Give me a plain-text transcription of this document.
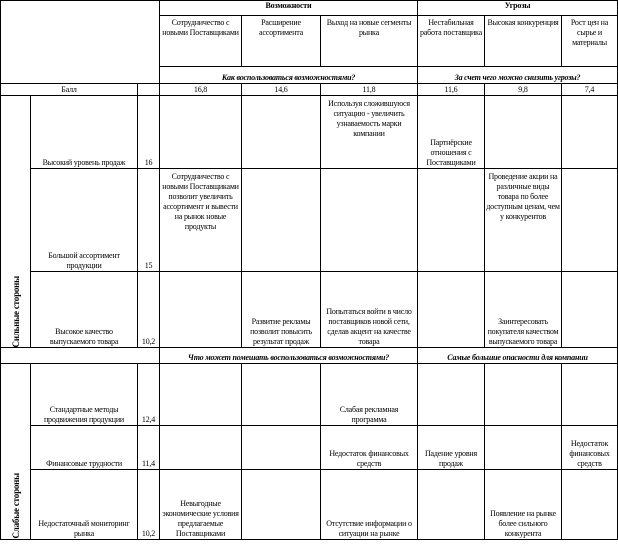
			Возможности			Угрозы		
			Сотрудничество с новыми Поставщиками	Расширение ассортимента	Выход на новые сегменты рынка	Нестабильная работа поставщика	Высокая конкуренция	Рост цен на сырье и материалы
			Как воспользоваться возможностями?			За счет чего можно снизить угрозы?		
Балл			16,8	14,6	11,8	11,6	9,8	7,4

Сильные стороны	Высокий уровень продаж	16			Используя сложившуюся ситуацию - увеличить узнаваемость марки компании	Партнёрские отношения с Поставщиками		
	Большой ассортимент продукции	15	Сотрудничество с новыми Поставщиками позволит увеличить ассортимент и вывести на рынок новые продукты				Проведение акции на различные виды товара по более доступным ценам, чем у конкурентов	
	Высокое качество выпускаемого товара	10,2		Развитие рекламы позволит повысить результат продаж	Попытаться войти в число поставщиков новой сети, сделав акцент на качестве товара		Заинтересовать покупателя качеством выпускаемого товара	
			Что может помешать воспользоваться возможностями?			Самые большие опасности для компании		

Слабые стороны	Стандартные методы продвижения продукции	12,4			Слабая рекламная программа			
	Финансовые трудности	11,4			Недостаток финансовых средств	Падение уровня продаж		Недостаток финансовых средств
	Недостаточный мониторинг рынка	10,2	Невыгодные экономические условия предлагаемые Поставщиками		Отсутствие информации о ситуации на рынке		Появление на рынке более сильного конкурента	
